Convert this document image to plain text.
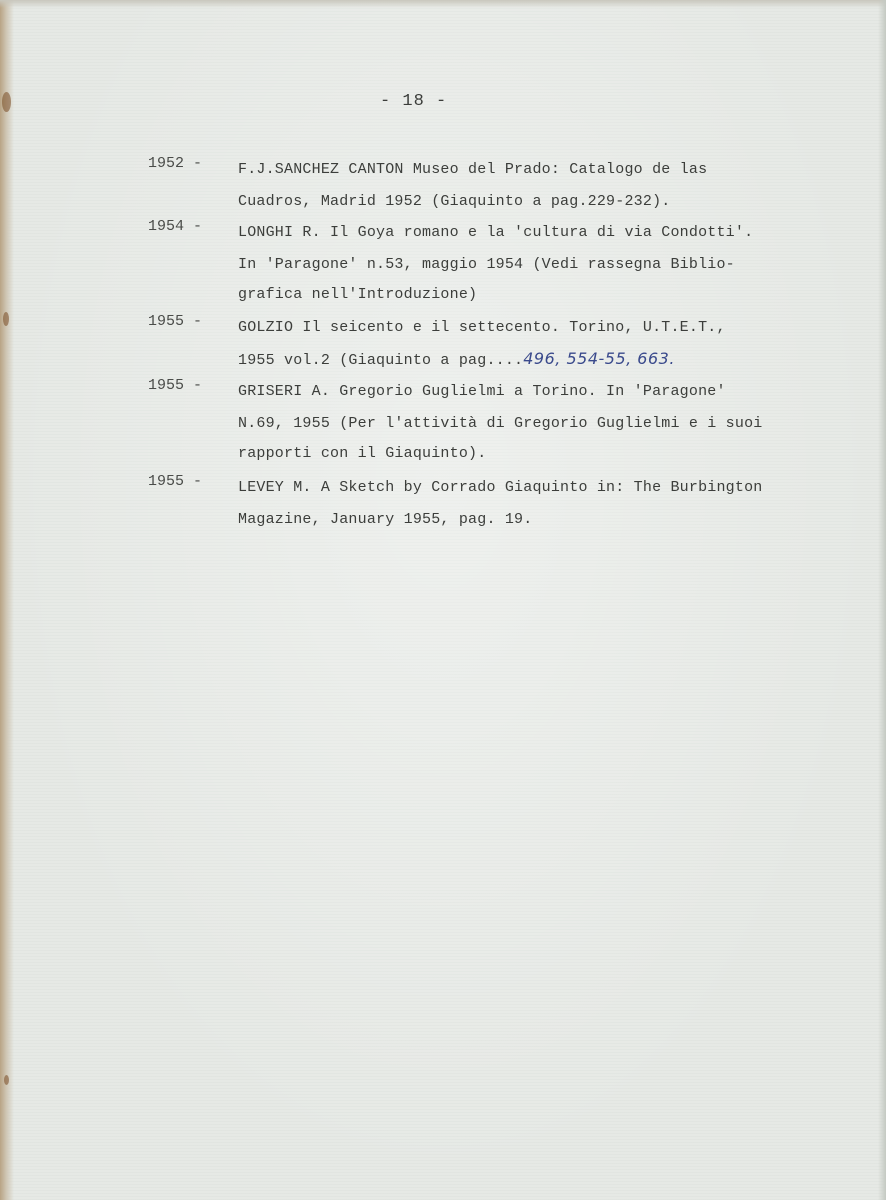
- 18 -
1952 -	F.J.SANCHEZ CANTON Museo del Prado: Catalogo de las
Cuadros, Madrid 1952 (Giaquinto a pag.229-232).
1954 -	LONGHI R. Il Goya romano e la 'cultura di via Condotti'.
In 'Paragone' n.53, maggio 1954 (Vedi rassegna Biblio-
grafica nell'Introduzione)
1955 -	GOLZIO Il seicento e il settecento. Torino, U.T.E.T.,
1955 vol.2 (Giaquinto a pag....496, 554-55, 663.
1955 -	GRISERI A. Gregorio Guglielmi a Torino. In 'Paragone'
N.69, 1955 (Per l'attività di Gregorio Guglielmi e i suoi
rapporti con il Giaquinto).
1955 -	LEVEY M. A Sketch by Corrado Giaquinto in: The Burbington
Magazine, January 1955, pag. 19.
